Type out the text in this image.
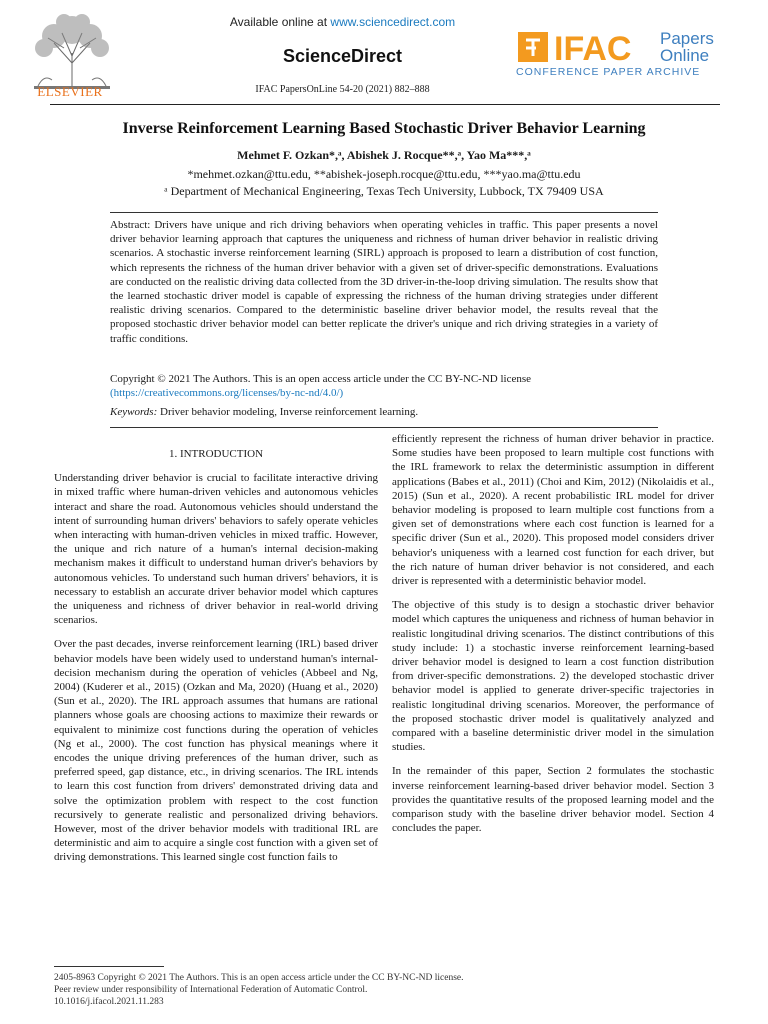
ELSEVIER
Available online at www.sciencedirect.com
ScienceDirect
IFAC PapersOnLine 54-20 (2021) 882–888
IFAC Papers
Online
CONFERENCE PAPER ARCHIVE
Inverse Reinforcement Learning Based Stochastic Driver Behavior Learning
Mehmet F. Ozkan*,ᵃ, Abishek J. Rocque**,ᵃ, Yao Ma***,ᵃ
*mehmet.ozkan@ttu.edu, **abishek-joseph.rocque@ttu.edu, ***yao.ma@ttu.edu
ᵃ Department of Mechanical Engineering, Texas Tech University, Lubbock, TX 79409 USA
Abstract: Drivers have unique and rich driving behaviors when operating vehicles in traffic. This paper presents a novel driver behavior learning approach that captures the uniqueness and richness of human driver behavior in realistic driving scenarios. A stochastic inverse reinforcement learning (SIRL) approach is proposed to learn a distribution of cost function, which represents the richness of the human driver behavior with a given set of driver-specific demonstrations. Evaluations are conducted on the realistic driving data collected from the 3D driver-in-the-loop driving simulation. The results show that the learned stochastic driver model is capable of expressing the richness of the human driving strategies under different realistic driving scenarios. Compared to the deterministic baseline driver behavior model, the results reveal that the proposed stochastic driver behavior model can better replicate the driver's unique and rich driving strategies in a variety of traffic conditions.
Copyright © 2021 The Authors. This is an open access article under the CC BY-NC-ND license
(https://creativecommons.org/licenses/by-nc-nd/4.0/)
Keywords: Driver behavior modeling, Inverse reinforcement learning.
1. INTRODUCTION

Understanding driver behavior is crucial to facilitate interactive driving in mixed traffic where human-driven vehicles and autonomous vehicles interact and share the road. Autonomous vehicles should understand the intent of surrounding human drivers' behaviors to safely operate vehicles when interacting with human-driven vehicles in mixed traffic. However, the unique and rich nature of a human's internal decision-making mechanism makes it difficult to understand human driver's behaviors by autonomous vehicles. To understand such human drivers' behaviors, it is necessary to establish an accurate driver behavior model which captures the uniqueness and richness of driver behavior in real-world driving scenarios.

Over the past decades, inverse reinforcement learning (IRL) based driver behavior models have been widely used to understand human's internal-decision mechanism during the operation of vehicles (Abbeel and Ng, 2004) (Kuderer et al., 2015) (Ozkan and Ma, 2020) (Huang et al., 2020) (Sun et al., 2020). The IRL approach assumes that humans are rational planners whose goals are choosing actions to maximize their rewards or equivalent to minimize cost functions during the operation of vehicles (Ng et al., 2000). The cost function has physical meanings where it encodes the unique driving preferences of the human driver, such as preferred speed, gap distance, etc., in driving scenarios. The IRL intends to learn this cost function from drivers' demonstrated driving data and solve the optimization problem with respect to the cost function recursively to generate realistic and personalized driving behaviors. However, most of the driver behavior models with traditional IRL are deterministic and aim to acquire a single cost function with a given set of driving demonstrations. This learned single cost function fails to

efficiently represent the richness of human driver behavior in practice. Some studies have been proposed to learn multiple cost functions with the IRL framework to relax the deterministic assumption in different applications (Babes et al., 2011) (Choi and Kim, 2012) (Nikolaidis et al., 2015) (Sun et al., 2020). A recent probabilistic IRL model for driver behavior modeling is proposed to learn multiple cost functions from a given set of demonstrations where each cost function is learned for a specific driver (Sun et al., 2020). This proposed model considers driver behavior's uniqueness with a learned cost function for each driver, but the rich nature of human driver behavior is not considered, and each driver is represented with a deterministic behavior model.

The objective of this study is to design a stochastic driver behavior model which captures the uniqueness and richness of human behavior in realistic longitudinal driving scenarios. The distinct contributions of this study include: 1) a stochastic inverse reinforcement learning-based driver behavior model is designed to learn a cost function distribution from driver-specific demonstrations. 2) the developed stochastic driver behavior model is applied to generate driver-specific trajectories in realistic longitudinal driving scenarios. Moreover, the performance of the proposed stochastic driver model is qualitatively analyzed and compared with a baseline deterministic driver model in the simulation studies.

In the remainder of this paper, Section 2 formulates the stochastic inverse reinforcement learning-based driver behavior model. Section 3 provides the quantitative results of the proposed learning model and the comparison study with the baseline driver behavior model. Section 4 concludes the paper.

2405-8963 Copyright © 2021 The Authors. This is an open access article under the CC BY-NC-ND license.
Peer review under responsibility of International Federation of Automatic Control.
10.1016/j.ifacol.2021.11.283
